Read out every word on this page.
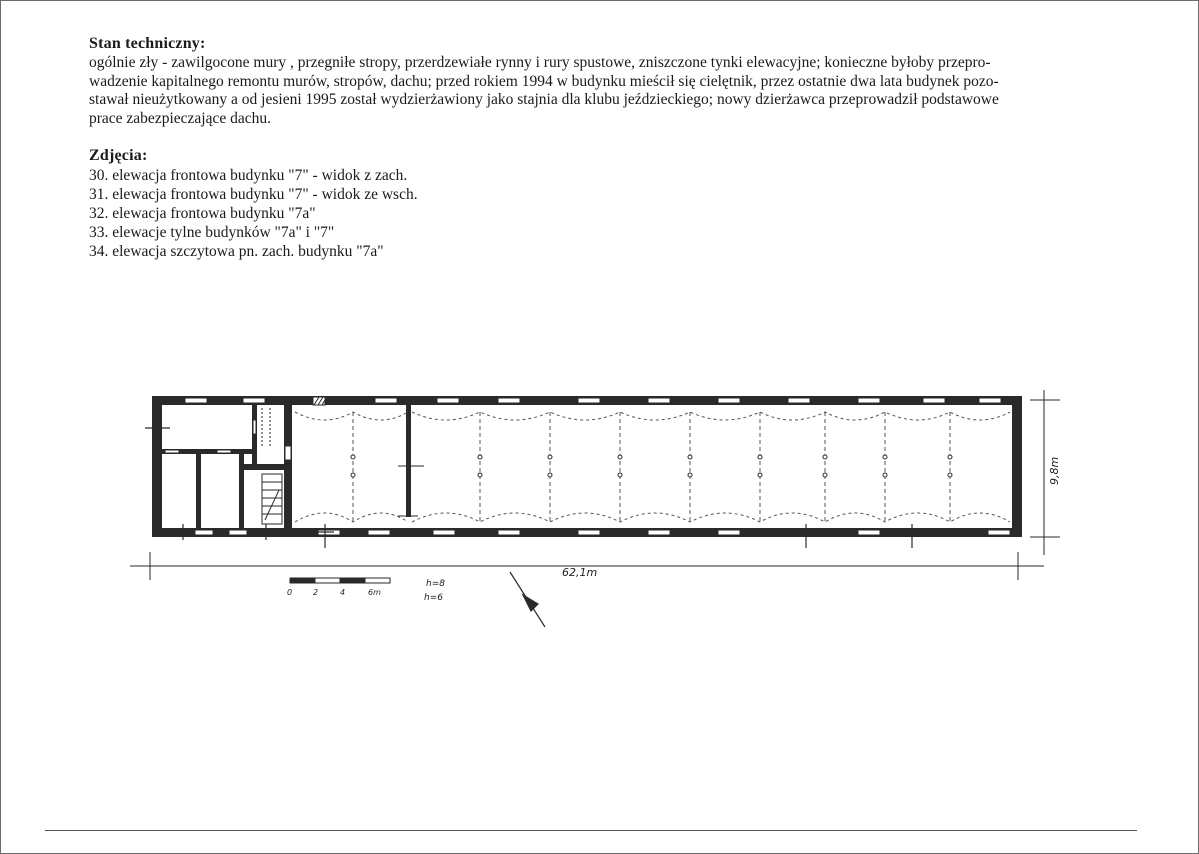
Stan techniczny:

ogólnie zły - zawilgocone mury , przegniłe stropy, przerdzewiałe rynny i rury spustowe, zniszczone tynki elewacyjne; konieczne byłoby przepro-
wadzenie kapitalnego remontu murów, stropów, dachu; przed rokiem 1994 w budynku mieścił się cielętnik, przez ostatnie dwa lata budynek pozo-
stawał nieużytkowany a od jesieni 1995 został wydzierżawiony jako stajnia dla klubu jeździeckiego; nowy dzierżawca przeprowadził podstawowe
prace zabezpieczające dachu.

Zdjęcia:
30. elewacja frontowa budynku "7" - widok z zach.
31. elewacja frontowa budynku "7" - widok ze wsch.
32. elewacja frontowa budynku "7a"
33. elewacje tylne budynków "7a" i "7"
34. elewacja szczytowa pn. zach. budynku "7a"
9,8m
62,1m
0	2	4	6m
h=8
h=6
